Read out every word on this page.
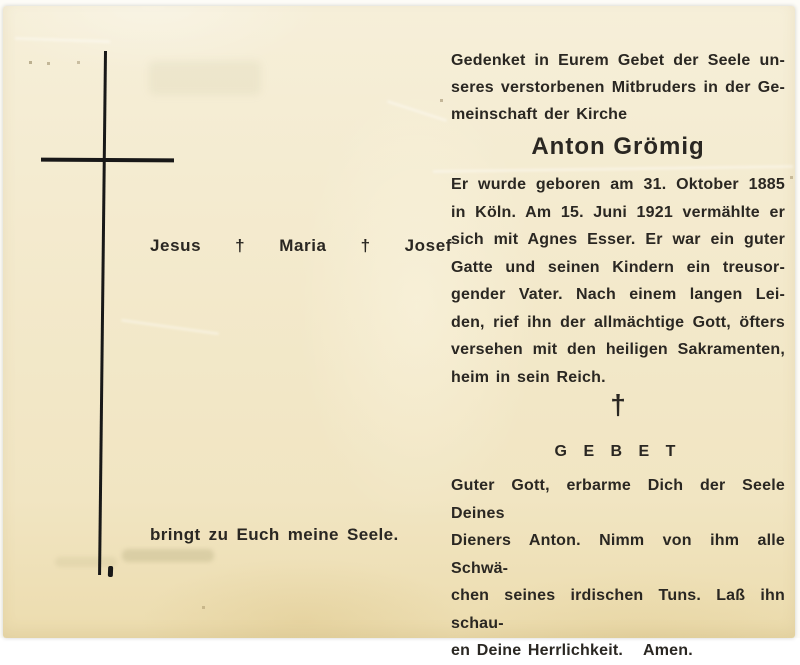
Jesus   †   Maria   †   Josef
bringt zu Euch meine Seele.
Gedenket in Eurem Gebet der Seele un-
seres verstorbenen Mitbruders in der Ge-
meinschaft der Kirche
Anton Grömig
Er wurde geboren am 31. Oktober 1885
in Köln. Am 15. Juni 1921 vermählte er
sich mit Agnes Esser. Er war ein guter
Gatte und seinen Kindern ein treusor-
gender Vater. Nach einem langen Lei-
den, rief ihn der allmächtige Gott, öfters
versehen mit den heiligen Sakramenten,
heim in sein Reich.
†
G E B E T
Guter Gott, erbarme Dich der Seele Deines
Dieners Anton. Nimm von ihm alle Schwä-
chen seines irdischen Tuns. Laß ihn schau-
en Deine Herrlichkeit.   Amen.
